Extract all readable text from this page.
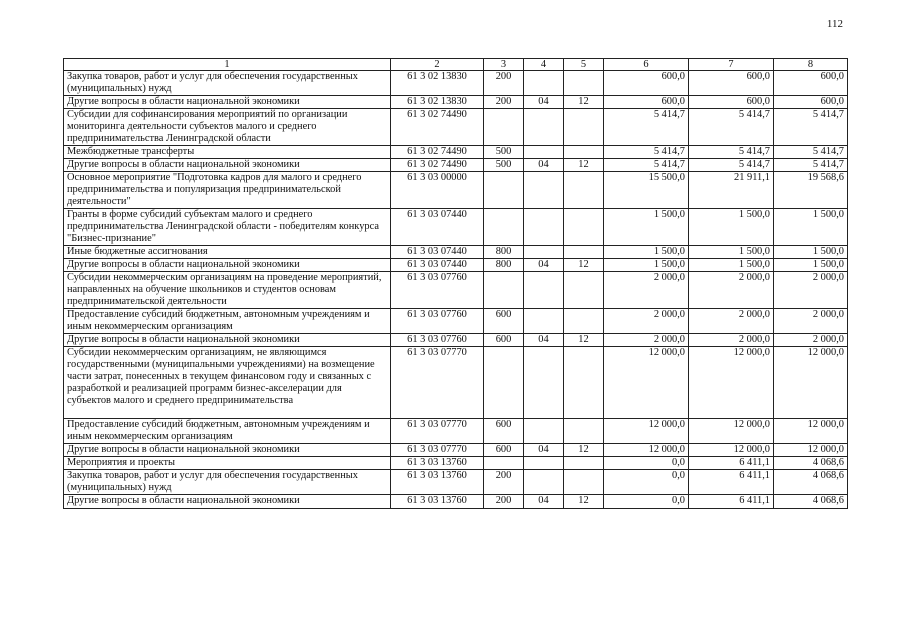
112
1	2	3	4	5	6	7	8
Закупка товаров, работ и услуг для обеспечения государственных (муниципальных) нужд	61 3 02 13830	200			600,0	600,0	600,0
Другие вопросы в области национальной экономики	61 3 02 13830	200	04	12	600,0	600,0	600,0
Субсидии для софинансирования мероприятий по организации мониторинга деятельности субъектов малого и среднего предпринимательства Ленинградской области	61 3 02 74490				5 414,7	5 414,7	5 414,7
Межбюджетные трансферты	61 3 02 74490	500			5 414,7	5 414,7	5 414,7
Другие вопросы в области национальной экономики	61 3 02 74490	500	04	12	5 414,7	5 414,7	5 414,7
Основное мероприятие "Подготовка кадров для малого и среднего предпринимательства и популяризация предпринимательской деятельности"	61 3 03 00000				15 500,0	21 911,1	19 568,6
Гранты в форме субсидий субъектам малого и среднего предпринимательства Ленинградской области - победителям конкурса "Бизнес-признание"	61 3 03 07440				1 500,0	1 500,0	1 500,0
Иные бюджетные ассигнования	61 3 03 07440	800			1 500,0	1 500,0	1 500,0
Другие вопросы в области национальной экономики	61 3 03 07440	800	04	12	1 500,0	1 500,0	1 500,0
Субсидии некоммерческим организациям на проведение мероприятий, направленных на обучение школьников и студентов основам предпринимательской деятельности	61 3 03 07760				2 000,0	2 000,0	2 000,0
Предоставление субсидий бюджетным, автономным учреждениям и иным некоммерческим организациям	61 3 03 07760	600			2 000,0	2 000,0	2 000,0
Другие вопросы в области национальной экономики	61 3 03 07760	600	04	12	2 000,0	2 000,0	2 000,0
Субсидии некоммерческим организациям, не являющимся государственными (муниципальными учреждениями) на возмещение части затрат, понесенных в текущем финансовом году и связанных с разработкой и реализацией программ бизнес-акселерации для субъектов малого и среднего предпринимательства	61 3 03 07770				12 000,0	12 000,0	12 000,0
Предоставление субсидий бюджетным, автономным учреждениям и иным некоммерческим организациям	61 3 03 07770	600			12 000,0	12 000,0	12 000,0
Другие вопросы в области национальной экономики	61 3 03 07770	600	04	12	12 000,0	12 000,0	12 000,0
Мероприятия и проекты	61 3 03 13760				0,0	6 411,1	4 068,6
Закупка товаров, работ и услуг для обеспечения государственных (муниципальных) нужд	61 3 03 13760	200			0,0	6 411,1	4 068,6
Другие вопросы в области национальной экономики	61 3 03 13760	200	04	12	0,0	6 411,1	4 068,6
